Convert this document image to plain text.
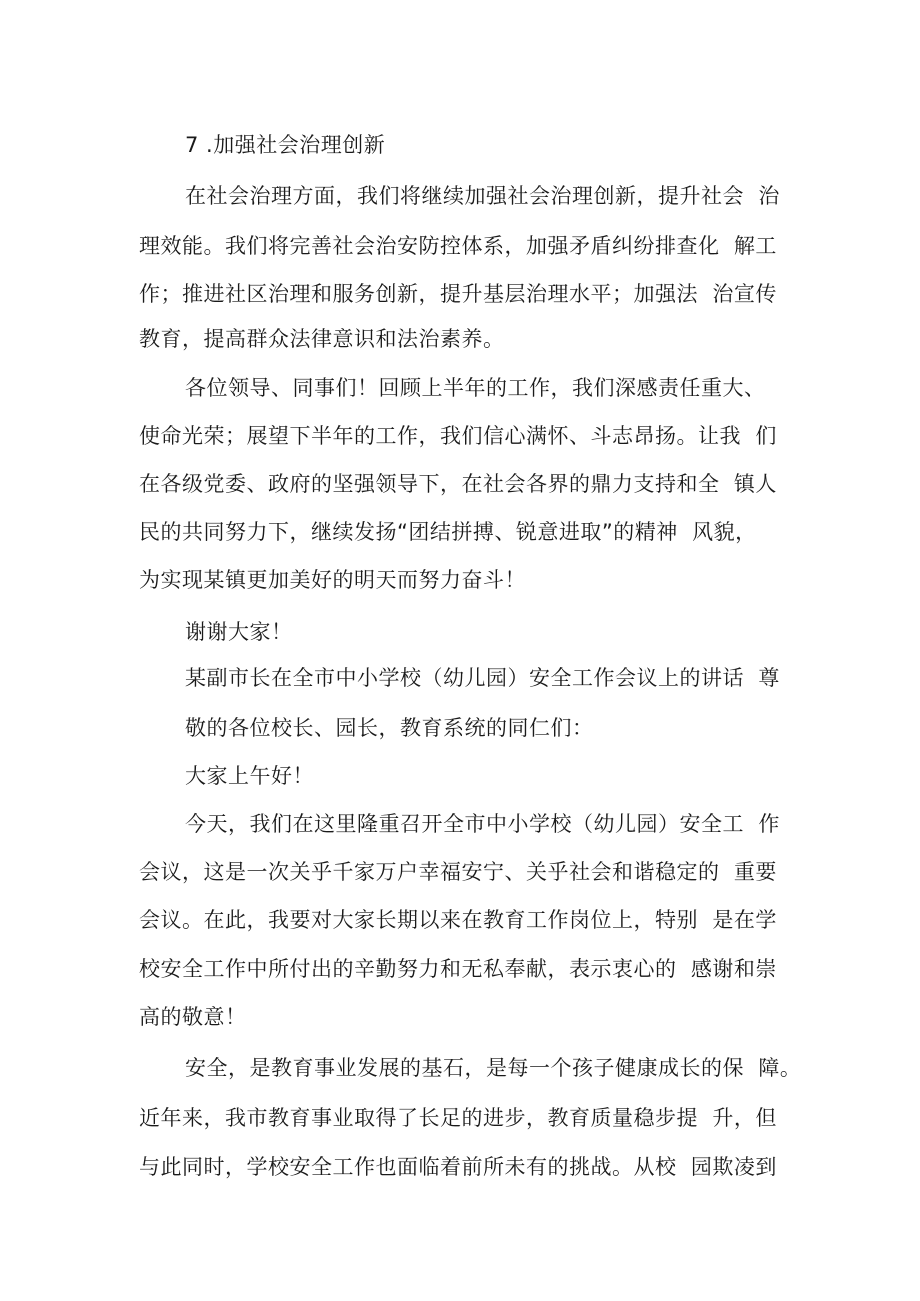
7 .加强社会治理创新
在社会治理方面，我们将继续加强社会治理创新，提升社会  治
理效能。我们将完善社会治安防控体系，加强矛盾纠纷排查化  解工
作；推进社区治理和服务创新，提升基层治理水平；加强法  治宣传
教育，提高群众法律意识和法治素养。
各位领导、同事们！回顾上半年的工作，我们深感责任重大、
使命光荣；展望下半年的工作，我们信心满怀、斗志昂扬。让我  们
在各级党委、政府的坚强领导下，在社会各界的鼎力支持和全  镇人
民的共同努力下，继续发扬“团结拼搏、锐意进取”的精神  风貌，
为实现某镇更加美好的明天而努力奋斗！
谢谢大家！
某副市长在全市中小学校（幼儿园）安全工作会议上的讲话  尊
敬的各位校长、园长，教育系统的同仁们：
大家上午好！
今天，我们在这里隆重召开全市中小学校（幼儿园）安全工  作
会议，这是一次关乎千家万户幸福安宁、关乎社会和谐稳定的  重要
会议。在此，我要对大家长期以来在教育工作岗位上，特别  是在学
校安全工作中所付出的辛勤努力和无私奉献，表示衷心的  感谢和崇
高的敬意！
安全，是教育事业发展的基石，是每一个孩子健康成长的保  障。
近年来，我市教育事业取得了长足的进步，教育质量稳步提  升，但
与此同时，学校安全工作也面临着前所未有的挑战。从校  园欺凌到
